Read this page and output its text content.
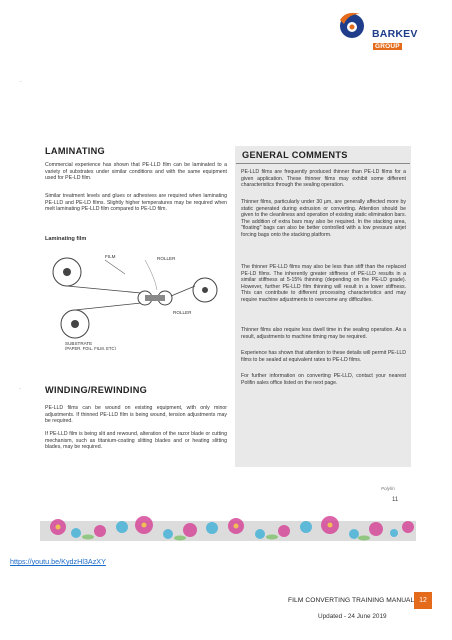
BARKEVGROUP
.
-
LAMINATING
Commercial experience has shown that PE-LLD film can be laminated to a variety of substrates under similar conditions and with the same equipment used for PE-LD film.
Similar treatment levels and glues or adhesives are required when laminating PE-LLD and PE-LD films. Slightly higher temperatures may be required when melt laminating PE-LLD film compared to PE-LD film.
Laminating film
FILM	ROLLER
ROLLER
SUBSTRATE
(PAPER, FOIL, FILM, ETC)
WINDING/REWINDING
PE-LLD films can be wound on existing equipment, with only minor adjustments. If thinned PE-LLD film is being wound, tension adjustments may be required.
If PE-LLD film is being slit and rewound, alteration of the razor blade or cutting mechanism, such as titanium-coating slitting blades and or heating slitting blades, may be required.
GENERAL COMMENTS
PE-LLD films are frequently produced thinner than PE-LD films for a given application. These thinner films may exhibit some different characteristics through the sealing operation.
Thinner films, particularly under 30 µm, are generally affected more by static generated during extrusion or converting. Attention should be given to the cleanliness and operation of existing static elimination bars. The addition of extra bars may also be required. In the stacking area, "floating" bags can also be better controlled with a low pressure airjet forcing bags onto the stacking platform.
The thinner PE-LLD films may also be less than stiff than the replaced PE-LD films. The inherently greater stiffness of PE-LLD results in a similar stiffness at 5-15% thinning (depending on the PE-LD grade). However, further PE-LLD film thinning will result in a lower stiffness. This can contribute to different processing characteristics and may require machine adjustments to overcome any difficulties.
Thinner films also require less dwell time in the sealing operation. As a result, adjustments to machine timing may be required.
Experience has shown that attention to these details will permit PE-LLD films to be sealed at equivalent rates to PE-LD films.
For further information on converting PE-LLD, contact your nearest Polifin sales office listed on the next page.
Polyfin
11
https://youtu.be/KydzHl3AzXY
FILM CONVERTING TRAINING MANUAL 12
Updated - 24 June 2019
